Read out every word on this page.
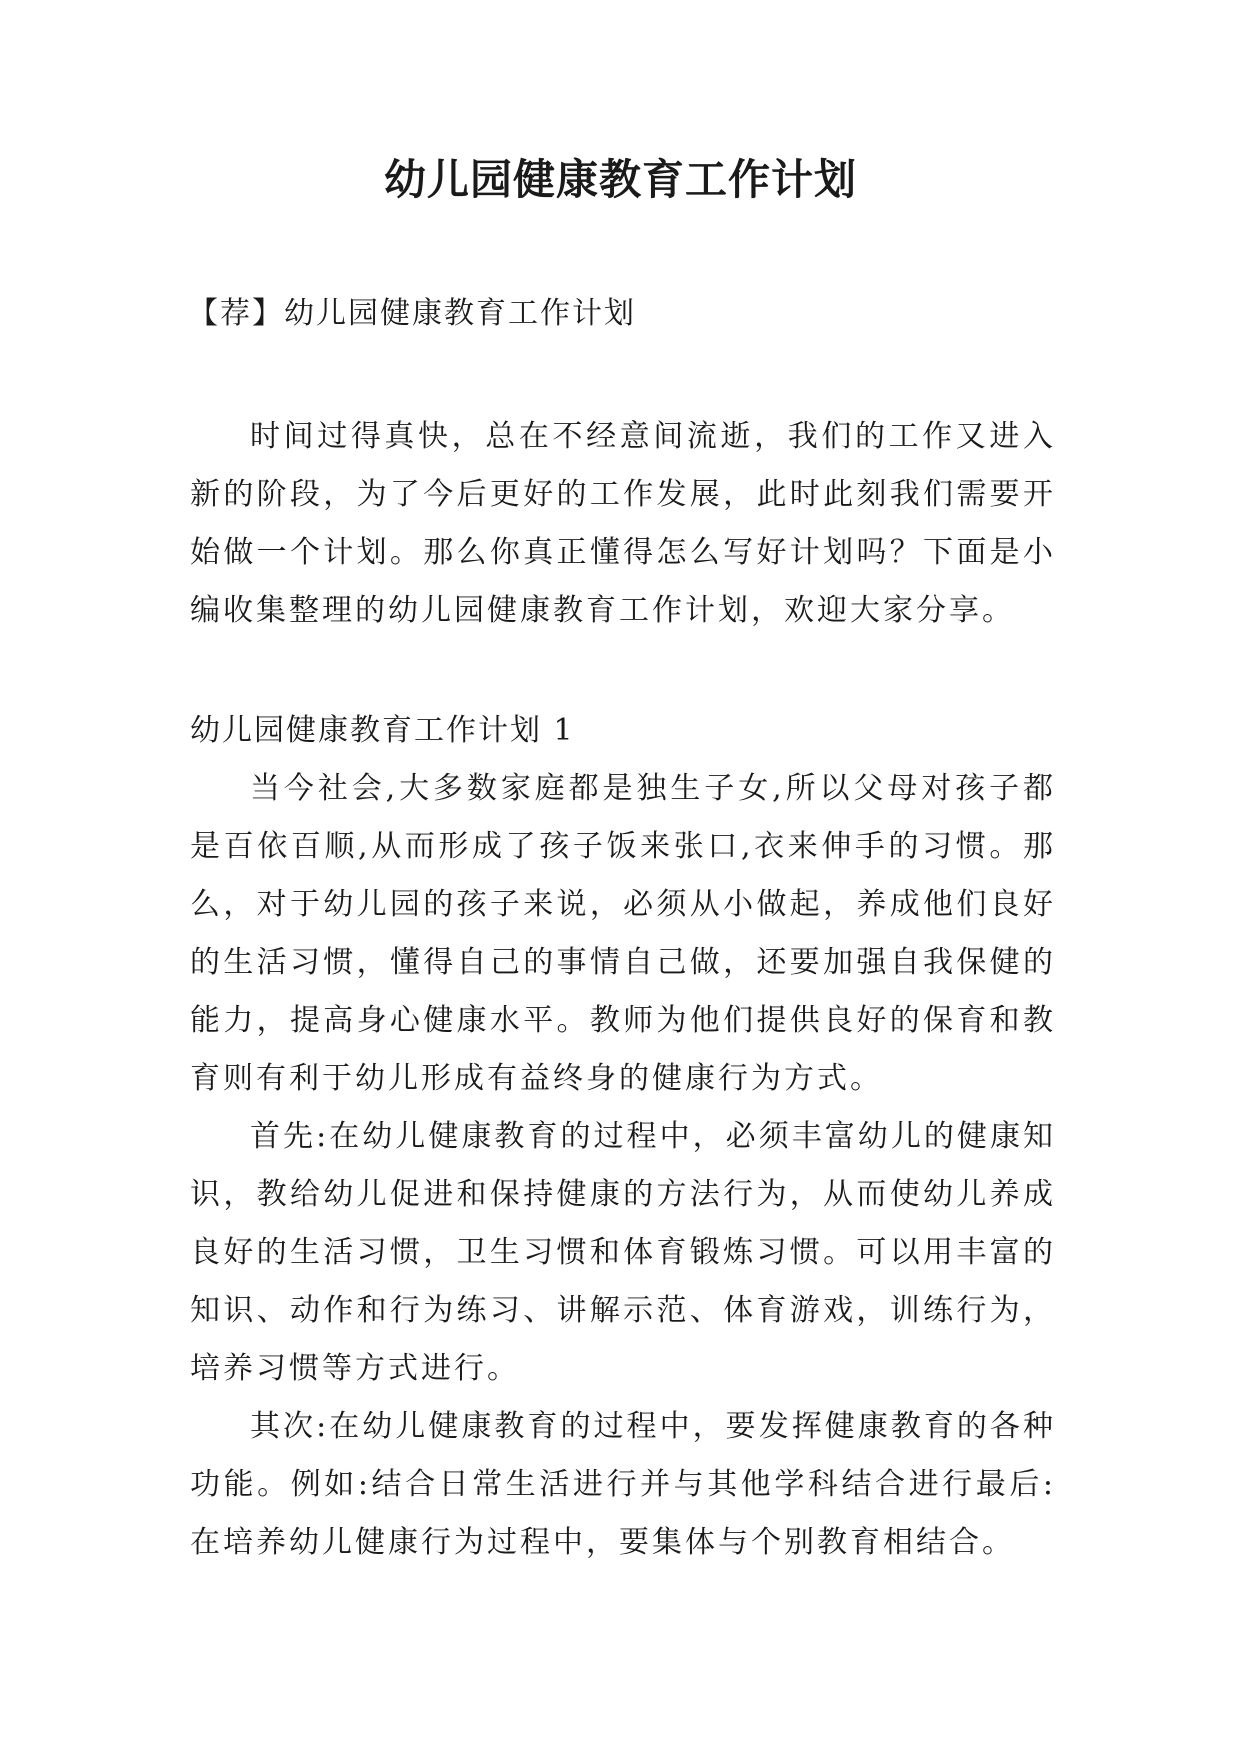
幼儿园健康教育工作计划
【荐】幼儿园健康教育工作计划

时间过得真快，总在不经意间流逝，我们的工作又进入新的阶段，为了今后更好的工作发展，此时此刻我们需要开始做一个计划。那么你真正懂得怎么写好计划吗？下面是小编收集整理的幼儿园健康教育工作计划，欢迎大家分享。

幼儿园健康教育工作计划 1

当今社会,大多数家庭都是独生子女,所以父母对孩子都是百依百顺,从而形成了孩子饭来张口,衣来伸手的习惯。那么，对于幼儿园的孩子来说，必须从小做起，养成他们良好的生活习惯，懂得自己的事情自己做，还要加强自我保健的能力，提高身心健康水平。教师为他们提供良好的保育和教育则有利于幼儿形成有益终身的健康行为方式。

首先:在幼儿健康教育的过程中，必须丰富幼儿的健康知识，教给幼儿促进和保持健康的方法行为，从而使幼儿养成良好的生活习惯，卫生习惯和体育锻炼习惯。可以用丰富的知识、动作和行为练习、讲解示范、体育游戏，训练行为，培养习惯等方式进行。

其次:在幼儿健康教育的过程中，要发挥健康教育的各种功能。例如:结合日常生活进行并与其他学科结合进行最后:在培养幼儿健康行为过程中，要集体与个别教育相结合。
